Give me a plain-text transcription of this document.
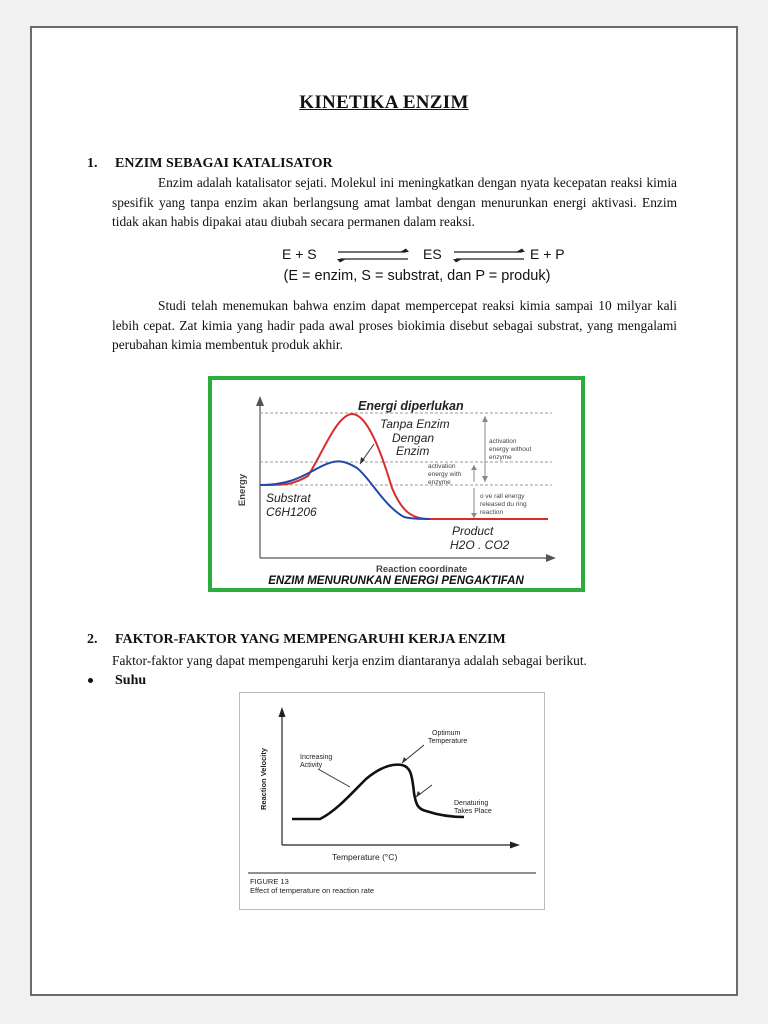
KINETIKA ENZIM
1. ENZIM SEBAGAI KATALISATOR
Enzim adalah katalisator sejati. Molekul ini meningkatkan dengan nyata kecepatan reaksi kimia spesifik yang tanpa enzim akan berlangsung amat lambat dengan menurunkan energi aktivasi. Enzim tidak akan habis dipakai atau diubah secara permanen dalam reaksi.
E + S	ES	E + P
(E = enzim, S = substrat, dan P = produk)
Studi telah menemukan bahwa enzim dapat mempercepat reaksi kimia sampai 10 milyar kali lebih cepat. Zat kimia yang hadir pada awal proses biokimia disebut sebagai substrat, yang mengalami perubahan kimia membentuk produk akhir.
Energy
Reaction coordinate
Energi diperlukan
Tanpa Enzim
Dengan
Enzim
activation
energy without
enzyme
activation
energy with
enzyme
o ve rall energy
released du ring
reaction
Substrat
C6H1206
Product
H2O . CO2
ENZIM MENURUNKAN ENERGI PENGAKTIFAN
2. FAKTOR-FAKTOR YANG MEMPENGARUHI KERJA ENZIM
Faktor-faktor yang dapat mempengaruhi kerja enzim diantaranya adalah sebagai berikut.
Suhu
Reaction Velocity
Temperature (°C)
Increasing
Activity
Optimum
Temperature
Denaturing
Takes Place
FIGURE 13
Effect of temperature on reaction rate
